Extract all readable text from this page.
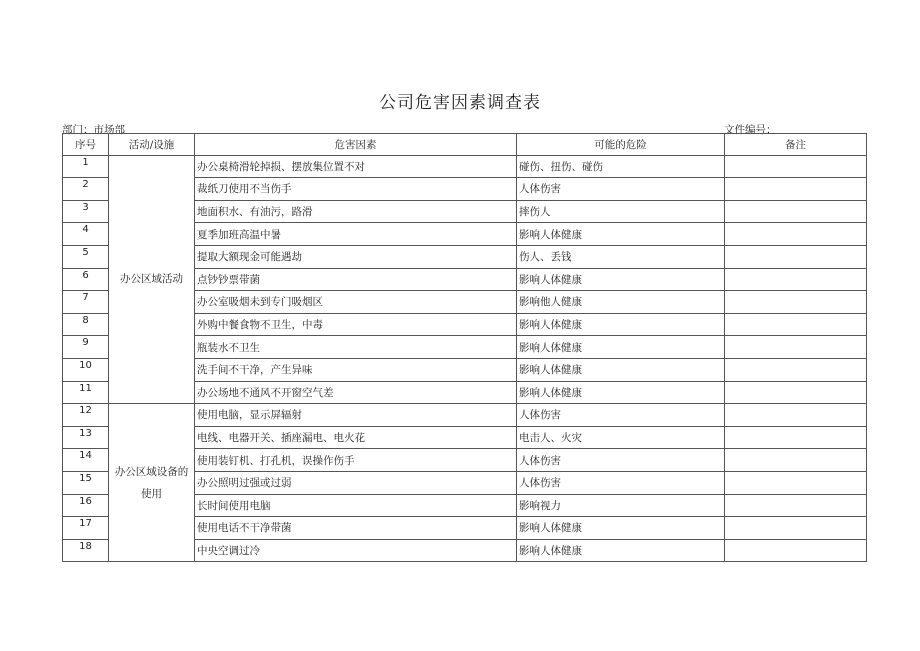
公司危害因素调查表
部门：市场部	文件编号：
序号	活动/设施	危害因素	可能的危险	备注
1	办公区域活动	办公桌椅滑轮掉损、摆放集位置不对	碰伤、扭伤、碰伤	
2		裁纸刀使用不当伤手	人体伤害	
3		地面积水、有油污，路滑	摔伤人	
4		夏季加班高温中暑	影响人体健康	
5		提取大额现金可能遇劫	伤人、丢钱	
6		点钞钞票带菌	影响人体健康	
7		办公室吸烟未到专门吸烟区	影响他人健康	
8		外购中餐食物不卫生，中毒	影响人体健康	
9		瓶装水不卫生	影响人体健康	
10		洗手间不干净，产生异味	影响人体健康	
11		办公场地不通风不开窗空气差	影响人体健康	
12	办公区域设备的使用	使用电脑，显示屏辐射	人体伤害	
13		电线、电器开关、插座漏电、电火花	电击人、火灾	
14		使用装钉机、打孔机，误操作伤手	人体伤害	
15		办公照明过强或过弱	人体伤害	
16		长时间使用电脑	影响视力	
17		使用电话不干净带菌	影响人体健康	
18		中央空调过冷	影响人体健康	
